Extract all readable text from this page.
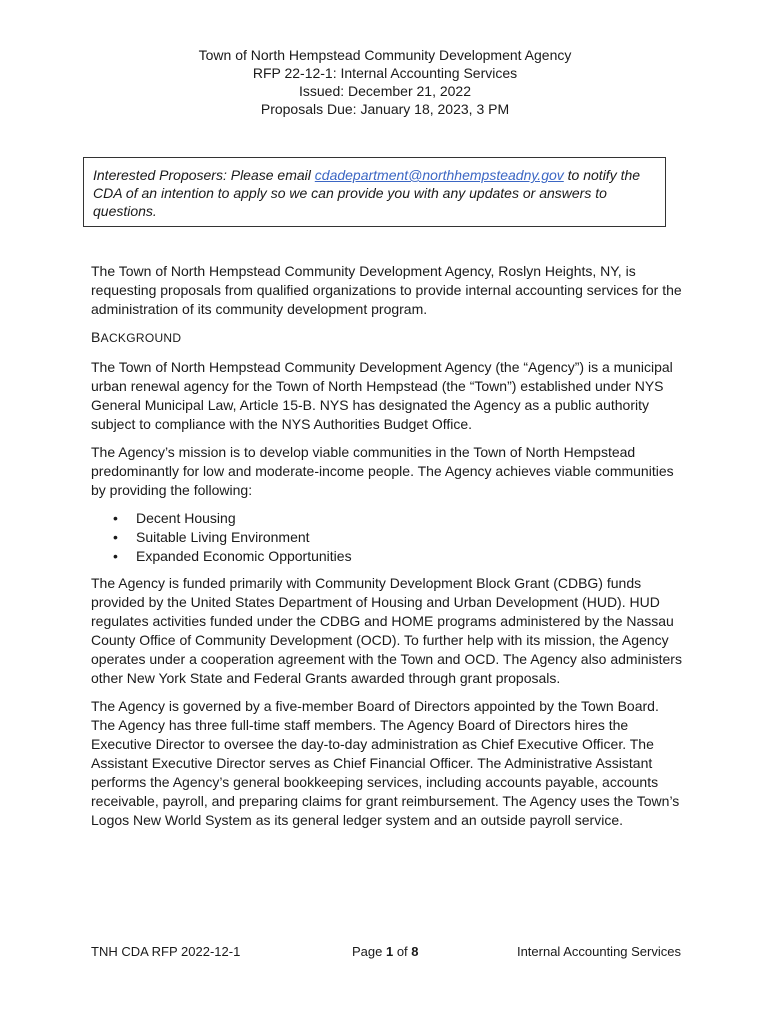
Town of North Hempstead Community Development Agency
RFP 22-12-1: Internal Accounting Services
Issued: December 21, 2022
Proposals Due: January 18, 2023, 3 PM
Interested Proposers: Please email cdadepartment@northhempsteadny.gov to notify the CDA of an intention to apply so we can provide you with any updates or answers to questions.

The Town of North Hempstead Community Development Agency, Roslyn Heights, NY, is requesting proposals from qualified organizations to provide internal accounting services for the administration of its community development program.

BACKGROUND

The Town of North Hempstead Community Development Agency (the “Agency”) is a municipal urban renewal agency for the Town of North Hempstead (the “Town”) established under NYS General Municipal Law, Article 15-B. NYS has designated the Agency as a public authority subject to compliance with the NYS Authorities Budget Office.

The Agency’s mission is to develop viable communities in the Town of North Hempstead predominantly for low and moderate-income people. The Agency achieves viable communities by providing the following:

• Decent Housing
• Suitable Living Environment
• Expanded Economic Opportunities

The Agency is funded primarily with Community Development Block Grant (CDBG) funds provided by the United States Department of Housing and Urban Development (HUD). HUD regulates activities funded under the CDBG and HOME programs administered by the Nassau County Office of Community Development (OCD). To further help with its mission, the Agency operates under a cooperation agreement with the Town and OCD. The Agency also administers other New York State and Federal Grants awarded through grant proposals.

The Agency is governed by a five-member Board of Directors appointed by the Town Board. The Agency has three full-time staff members. The Agency Board of Directors hires the Executive Director to oversee the day-to-day administration as Chief Executive Officer. The Assistant Executive Director serves as Chief Financial Officer. The Administrative Assistant performs the Agency’s general bookkeeping services, including accounts payable, accounts receivable, payroll, and preparing claims for grant reimbursement. The Agency uses the Town’s Logos New World System as its general ledger system and an outside payroll service.

TNH CDA RFP 2022-12-1	Page 1 of 8	Internal Accounting Services
